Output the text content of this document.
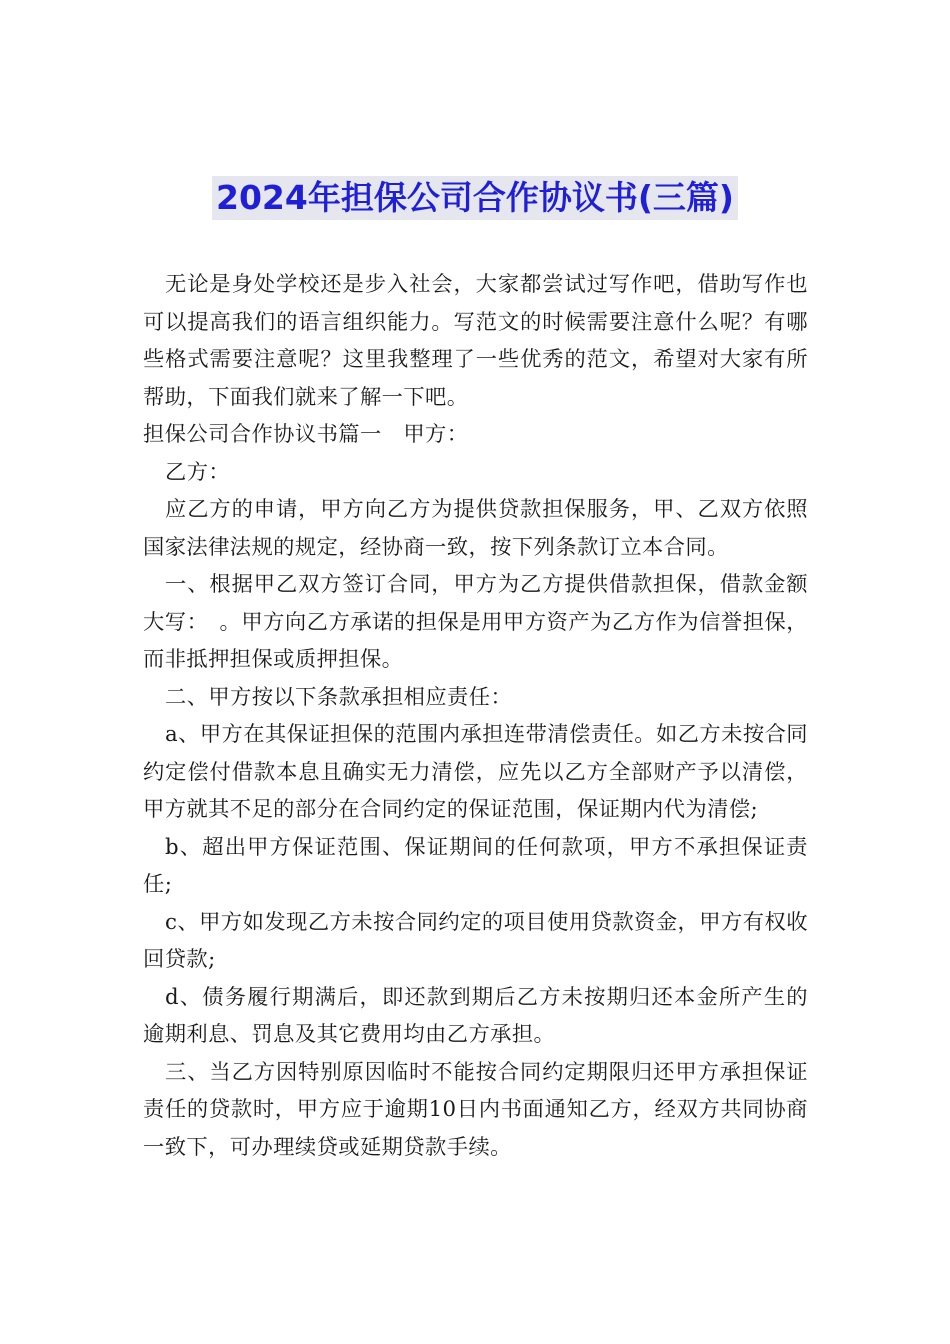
2024年担保公司合作协议书(三篇)

无论是身处学校还是步入社会，大家都尝试过写作吧，借助写作也可以提高我们的语言组织能力。写范文的时候需要注意什么呢？有哪些格式需要注意呢？这里我整理了一些优秀的范文，希望对大家有所帮助，下面我们就来了解一下吧。

担保公司合作协议书篇一　甲方：

乙方：

应乙方的申请，甲方向乙方为提供贷款担保服务，甲、乙双方依照国家法律法规的规定，经协商一致，按下列条款订立本合同。

一、根据甲乙双方签订合同，甲方为乙方提供借款担保，借款金额大写：　。甲方向乙方承诺的担保是用甲方资产为乙方作为信誉担保，而非抵押担保或质押担保。

二、甲方按以下条款承担相应责任：

a、甲方在其保证担保的范围内承担连带清偿责任。如乙方未按合同约定偿付借款本息且确实无力清偿，应先以乙方全部财产予以清偿，甲方就其不足的部分在合同约定的保证范围，保证期内代为清偿;

b、超出甲方保证范围、保证期间的任何款项，甲方不承担保证责任;

c、甲方如发现乙方未按合同约定的项目使用贷款资金，甲方有权收回贷款;

d、债务履行期满后，即还款到期后乙方未按期归还本金所产生的逾期利息、罚息及其它费用均由乙方承担。

三、当乙方因特别原因临时不能按合同约定期限归还甲方承担保证责任的贷款时，甲方应于逾期10日内书面通知乙方，经双方共同协商一致下，可办理续贷或延期贷款手续。
